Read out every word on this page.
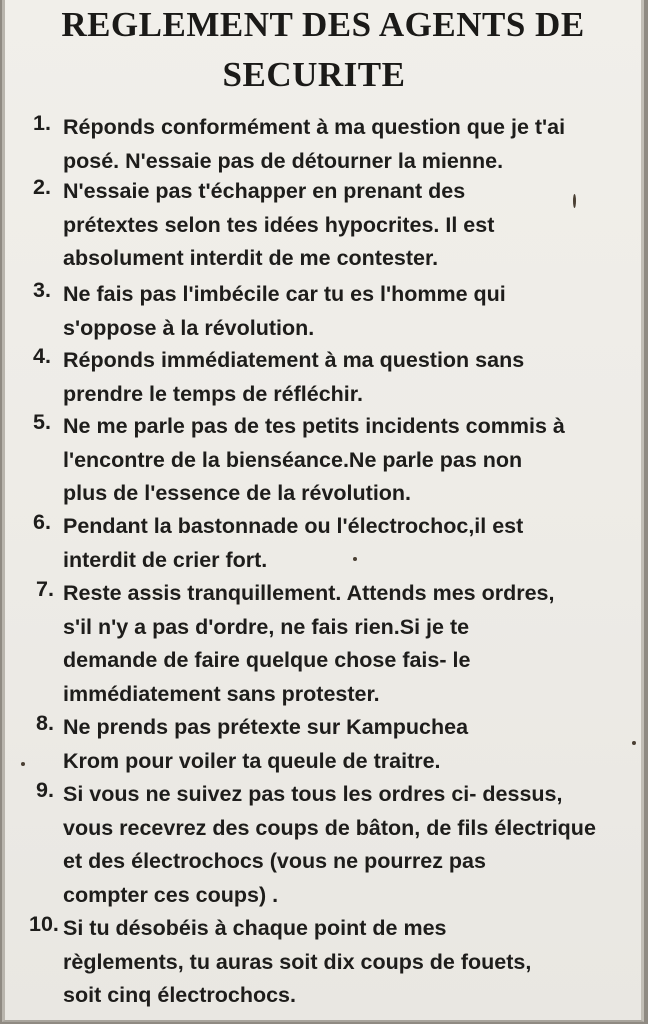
REGLEMENT DES AGENTS DE
SECURITE
1. Réponds conformément à ma question que je t'ai
posé. N'essaie pas de détourner la mienne.
2. N'essaie pas t'échapper en prenant des
prétextes selon tes idées hypocrites. Il est
absolument interdit de me contester.
3. Ne fais pas l'imbécile car tu es l'homme qui
s'oppose à la révolution.
4. Réponds immédiatement à ma question sans
prendre le temps de réfléchir.
5. Ne me parle pas de tes petits incidents commis à
l'encontre de la bienséance.Ne parle pas non
plus de l'essence de la révolution.
6. Pendant la bastonnade ou l'électrochoc,il est
interdit de crier fort.
7. Reste assis tranquillement. Attends mes ordres,
s'il n'y a pas d'ordre, ne fais rien.Si je te
demande de faire quelque chose fais- le
immédiatement sans protester.
8. Ne prends pas prétexte sur Kampuchea
Krom pour voiler ta queule de traitre.
9. Si vous ne suivez pas tous les ordres ci- dessus,
vous recevrez des coups de bâton, de fils électrique
et des électrochocs (vous ne pourrez pas
compter ces coups) .
10. Si tu désobéis à chaque point de mes
règlements, tu auras soit dix coups de fouets,
soit cinq électrochocs.
